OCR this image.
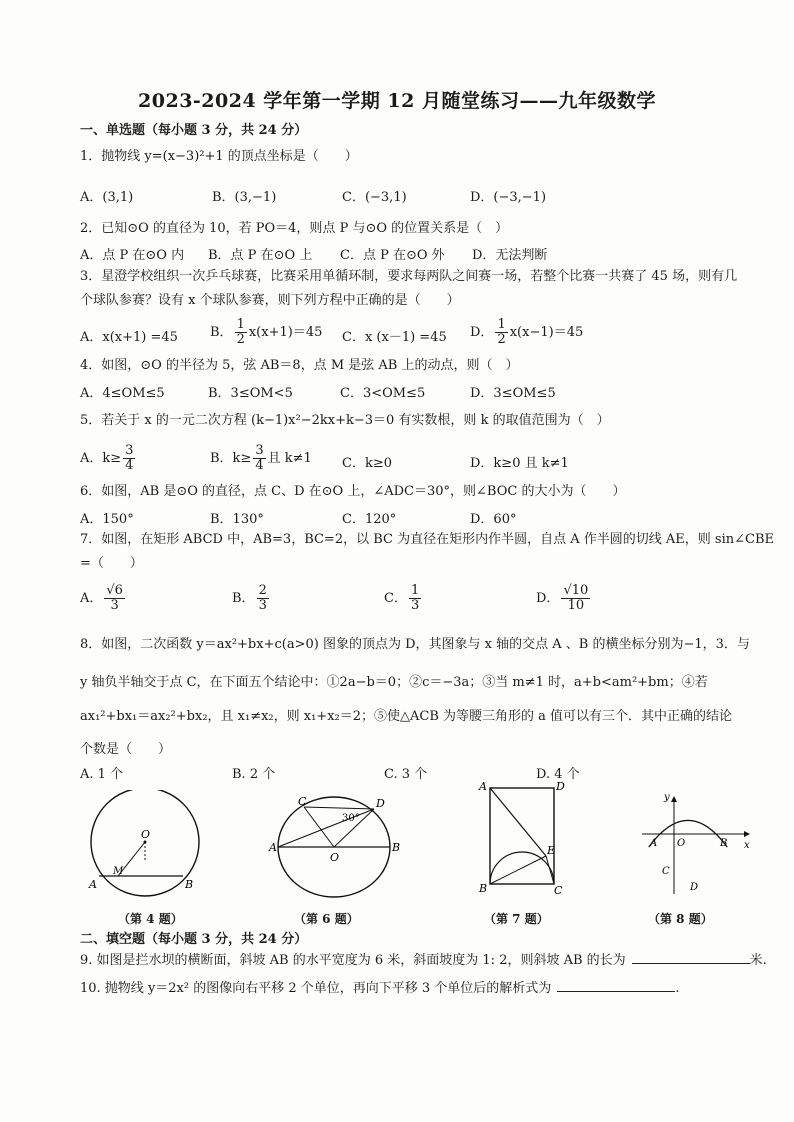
2023-2024 学年第一学期 12 月随堂练习——九年级数学
一、单选题（每小题 3 分，共 24 分）
1．抛物线 y=(x−3)²+1 的顶点坐标是（　　）
A．(3,1)	B．(3,−1)	C．(−3,1)	D．(−3,−1)
2．已知⊙O 的直径为 10，若 PO＝4，则点 P 与⊙O 的位置关系是（　）
A．点 P 在⊙O 内 B．点 P 在⊙O 上 C．点 P 在⊙O 外 D．无法判断
3．星澄学校组织一次乒乓球赛，比赛采用单循环制，要求每两队之间赛一场，若整个比赛一共赛了 45 场，则有几
个球队参赛？设有 x 个球队参赛，则下列方程中正确的是（　　）
A．x(x+1) =45 B． $\frac{1}{2} x(x+1)=45$ C．x (x－1) =45 D． $\frac{1}{2} x(x-1)=45$
4．如图，⊙O 的半径为 5，弦 AB＝8，点 M 是弦 AB 上的动点，则（　）
A．4≤OM≤5	B．3≤OM<5	C．3<OM≤5	D．3≤OM≤5
5．若关于 x 的一元二次方程 (k−1)x²−2kx+k−3＝0 有实数根，则 k 的取值范围为（　）
A．$k\ge \frac{3}{4}$	B．$k\ge \frac{3}{4}$ 且 k≠1 C．k≥0	D．k≥0 且 k≠1
6．如图，AB 是⊙O 的直径，点 C、D 在⊙O 上，∠ADC＝30°，则∠BOC 的大小为（　　）
A．150°	B．130°	C．120°	D．60°
7．如图，在矩形 ABCD 中，AB=3，BC=2，以 BC 为直径在矩形内作半圆，自点 A 作半圆的切线 AE，则 sin∠CBE
=（　　）
A． $\frac{√6}{3}$	B． $\frac{2}{3}$	C． $\frac{1}{3}$	D． $\frac{√10}{10}$
8．如图，二次函数 y＝ax²+bx+c(a>0) 图象的顶点为 D，其图象与 x 轴的交点 A 、B 的横坐标分别为−1，3．与
y 轴负半轴交于点 C，在下面五个结论中：①2a−b＝0；②c＝−3a；③当 m≠1 时，a+b<am²+bm；④若
ax₁²+bx₁＝ax₂²+bx₂，且 x₁≠x₂，则 x₁+x₂＝2；⑤使△ACB 为等腰三角形的 a 值可以有三个．其中正确的结论
个数是（　　）
A. 1 个	B. 2 个	C. 3 个	D. 4 个
O
A
M
B
（第 4 题）
C	D
A
O
B
30°
（第 6 题）
A	D
B	C
E
（第 7 题）
y
x
A O	B
C
D
（第 8 题）
二、填空题（每小题 3 分，共 24 分）
9. 如图是拦水坝的横断面，斜坡 AB 的水平宽度为 6 米，斜面坡度为 1: 2，则斜坡 AB 的长为	米.
10. 抛物线 y＝2x² 的图像向右平移 2 个单位，再向下平移 3 个单位后的解析式为	.
